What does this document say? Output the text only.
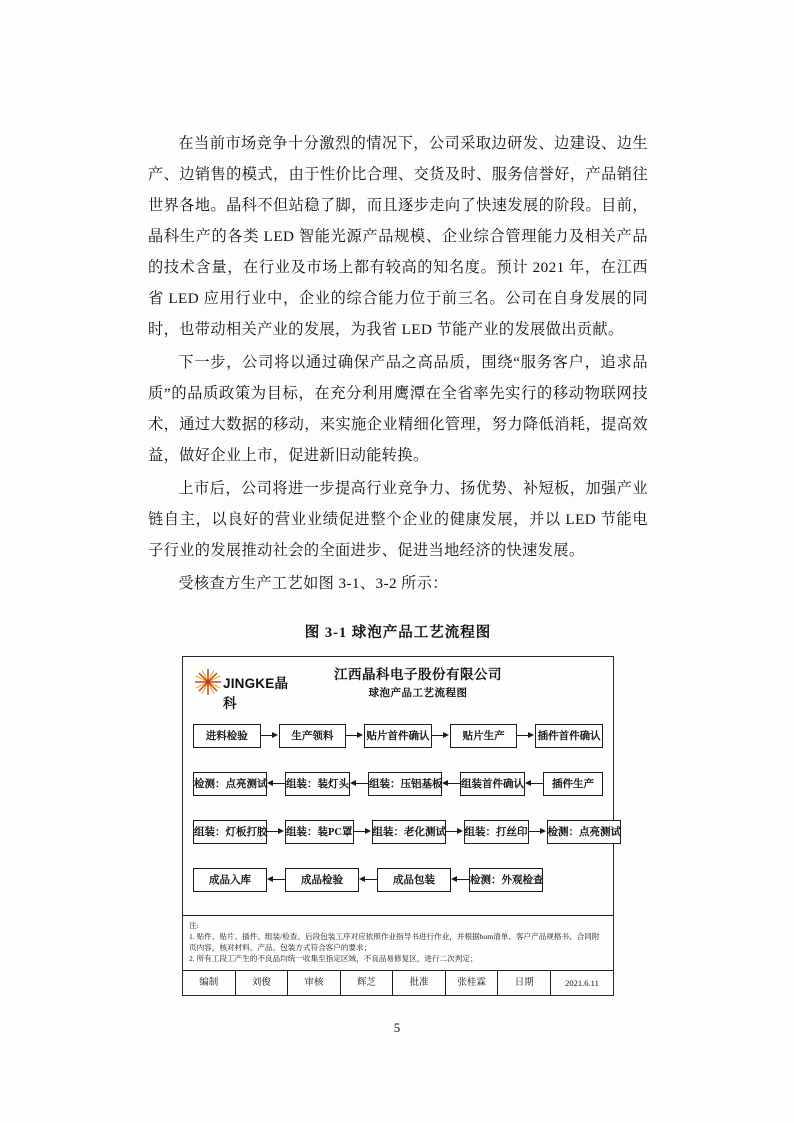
在当前市场竞争十分激烈的情况下，公司采取边研发、边建设、边生产、边销售的模式，由于性价比合理、交货及时、服务信誉好，产品销往世界各地。晶科不但站稳了脚，而且逐步走向了快速发展的阶段。目前，晶科生产的各类 LED 智能光源产品规模、企业综合管理能力及相关产品的技术含量，在行业及市场上都有较高的知名度。预计 2021 年，在江西省 LED 应用行业中，企业的综合能力位于前三名。公司在自身发展的同时，也带动相关产业的发展，为我省 LED 节能产业的发展做出贡献。

下一步，公司将以通过确保产品之高品质，围绕“服务客户，追求品质”的品质政策为目标，在充分利用鹰潭在全省率先实行的移动物联网技术，通过大数据的移动，来实施企业精细化管理，努力降低消耗，提高效益，做好企业上市，促进新旧动能转换。

上市后，公司将进一步提高行业竞争力、扬优势、补短板，加强产业链自主，以良好的营业业绩促进整个企业的健康发展，并以 LED 节能电子行业的发展推动社会的全面进步、促进当地经济的快速发展。

受核查方生产工艺如图 3-1、3-2 所示：

图 3-1 球泡产品工艺流程图
JINGKE晶科
江西晶科电子股份有限公司
球泡产品工艺流程图
进料检验	生产领料	贴片首件确认	贴片生产	插件首件确认
检测：点亮测试 组装：装灯头 组装：压铝基板 组装首件确认	插件生产
组装：灯板打胶 组装：装PC罩 组装：老化测试 组装：打丝印 检测：点亮测试
成品入库	成品检验	成品包装	检测：外观检查
注:
1. 贴件、贴片、插件、组装/检查、后段包装工序对应依照作业指导书进行作业，并根据bom清单、客户产品规格书、合同附页内容，核对材料、产品、包装方式符合客户的要求；
2. 所有工段工产生的不良品均统一收集至指定区域，不良品易修复区，进行二次判定；
编制	刘俊	审核	辉芝	批准	张桂霖	日期	2021.6.11
5
